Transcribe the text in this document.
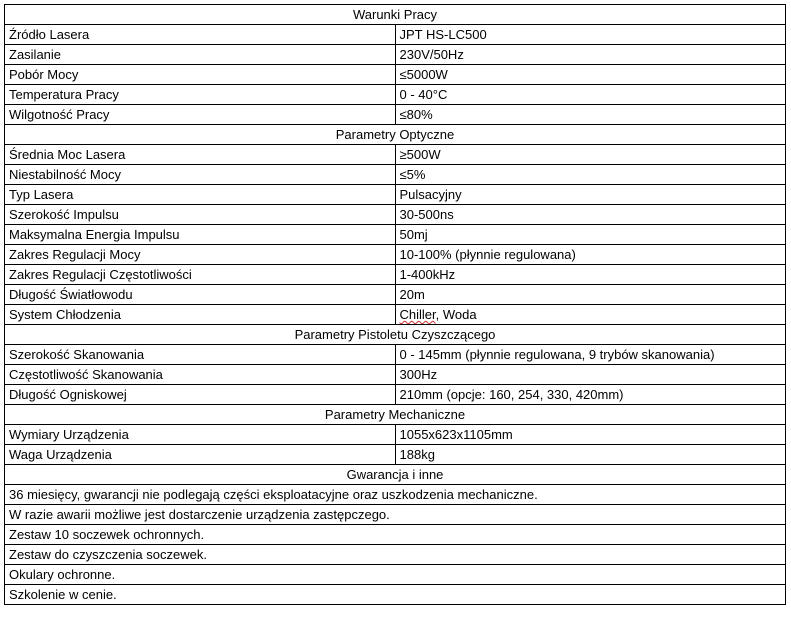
Warunki Pracy	
Źródło Lasera	JPT HS-LC500
Zasilanie	230V/50Hz
Pobór Mocy	≤5000W
Temperatura Pracy	0 - 40°C
Wilgotność Pracy	≤80%
Parametry Optyczne	
Średnia Moc Lasera	≥500W
Niestabilność Mocy	≤5%
Typ Lasera	Pulsacyjny
Szerokość Impulsu	30-500ns
Maksymalna Energia Impulsu	50mj
Zakres Regulacji Mocy	10-100% (płynnie regulowana)
Zakres Regulacji Częstotliwości	1-400kHz
Długość Światłowodu	20m
System Chłodzenia	Chiller, Woda
Parametry Pistoletu Czyszczącego	
Szerokość Skanowania	0 - 145mm (płynnie regulowana, 9 trybów skanowania)
Częstotliwość Skanowania	300Hz
Długość Ogniskowej	210mm (opcje: 160, 254, 330, 420mm)
Parametry Mechaniczne	
Wymiary Urządzenia	1055x623x1105mm
Waga Urządzenia	188kg
Gwarancja i inne	
36 miesięcy, gwarancji nie podlegają części eksploatacyjne oraz uszkodzenia mechaniczne.	
W razie awarii możliwe jest dostarczenie urządzenia zastępczego.	
Zestaw 10 soczewek ochronnych.	
Zestaw do czyszczenia soczewek.	
Okulary ochronne.	
Szkolenie w cenie.	
